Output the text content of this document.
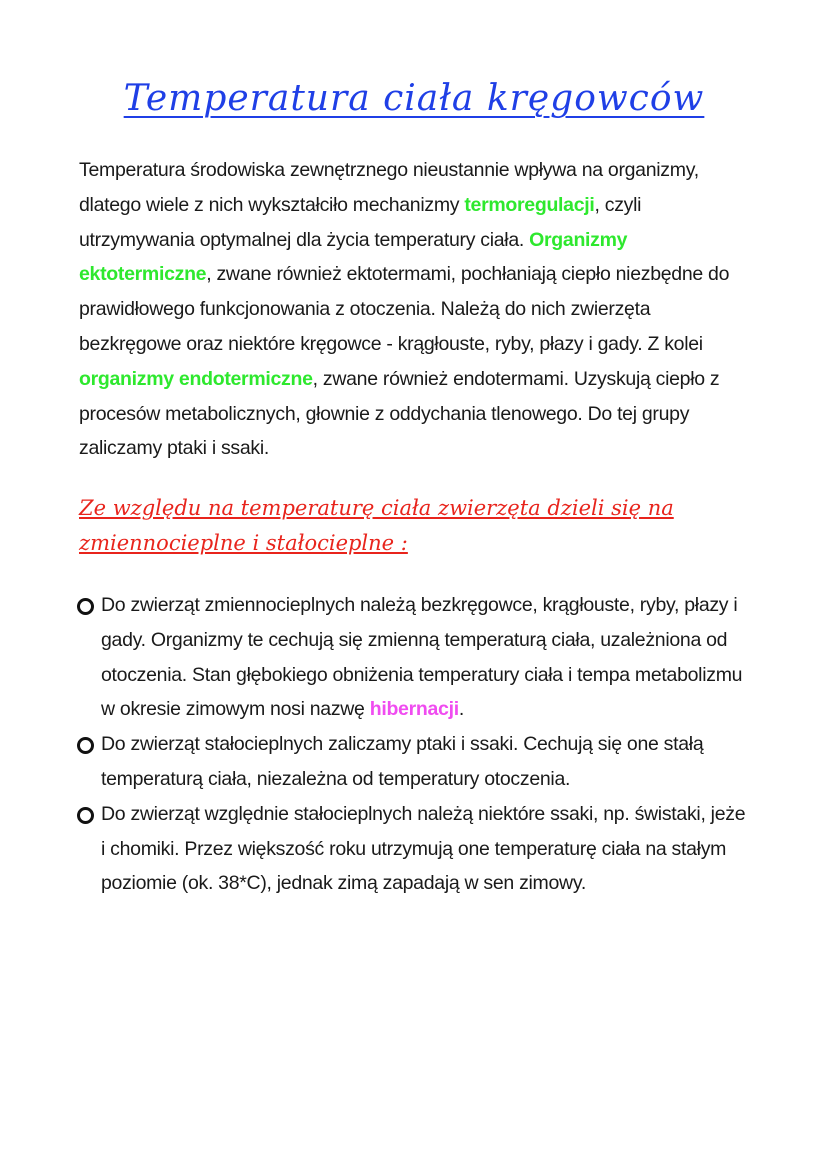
Temperatura ciała kręgowców
Temperatura środowiska zewnętrznego nieustannie wpływa na organizmy,
dlatego wiele z nich wykształciło mechanizmy termoregulacji, czyli
utrzymywania optymalnej dla życia temperatury ciała. Organizmy
ektotermiczne, zwane również ektotermami, pochłaniają ciepło niezbędne do
prawidłowego funkcjonowania z otoczenia. Należą do nich zwierzęta
bezkręgowe oraz niektóre kręgowce - krągłouste, ryby, płazy i gady. Z kolei
organizmy endotermiczne, zwane również endotermami. Uzyskują ciepło z
procesów metabolicznych, głownie z oddychania tlenowego. Do tej grupy
zaliczamy ptaki i ssaki.
Ze względu na temperaturę ciała zwierzęta dzieli się na
zmiennocieplne i stałocieplne :
Do zwierząt zmiennocieplnych należą bezkręgowce, krągłouste, ryby, płazy i
gady. Organizmy te cechują się zmienną temperaturą ciała, uzależniona od
otoczenia. Stan głębokiego obniżenia temperatury ciała i tempa metabolizmu
w okresie zimowym nosi nazwę hibernacji.
Do zwierząt stałocieplnych zaliczamy ptaki i ssaki. Cechują się one stałą
temperaturą ciała, niezależna od temperatury otoczenia.
Do zwierząt względnie stałocieplnych należą niektóre ssaki, np. świstaki, jeże
i chomiki. Przez większość roku utrzymują one temperaturę ciała na stałym
poziomie (ok. 38*C), jednak zimą zapadają w sen zimowy.
